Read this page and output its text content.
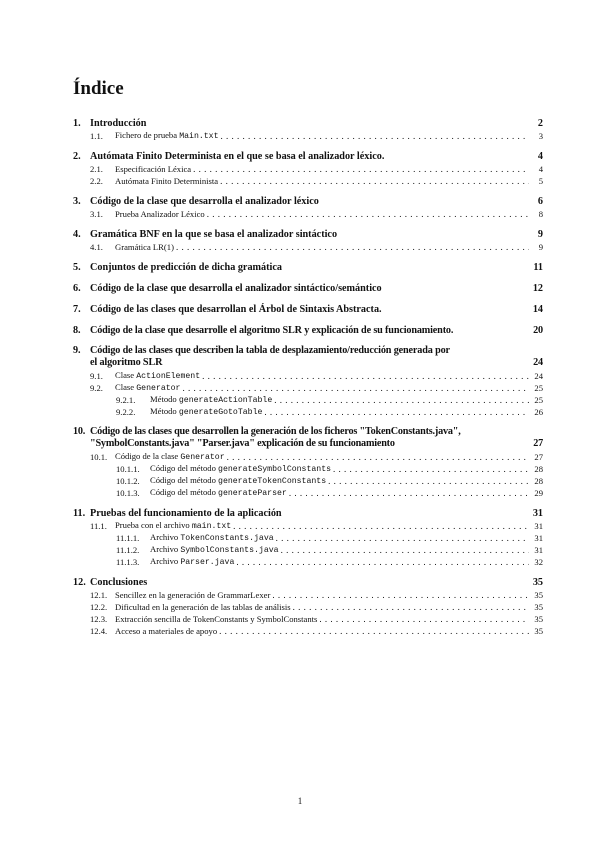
Índice
1. Introducción	2
1.1.	Fichero de prueba Main.txt . . .	3
2. Autómata Finito Determinista en el que se basa el analizador léxico.	4
2.1.	Especificación Léxica . . .	4
2.2.	Autómata Finito Determinista . . .	5
3. Código de la clase que desarrolla el analizador léxico	6
3.1.	Prueba Analizador Léxico . . .	8
4. Gramática BNF en la que se basa el analizador sintáctico	9
4.1.	Gramática LR(1) . . .	9
5. Conjuntos de predicción de dicha gramática	11
6. Código de la clase que desarrolla el analizador sintáctico/semántico	12
7. Código de las clases que desarrollan el Árbol de Sintaxis Abstracta.	14
8. Código de la clase que desarrolle el algoritmo SLR y explicación de su funcionamiento.	20
9. Código de las clases que describen la tabla de desplazamiento/reducción generada por
el algoritmo SLR	24
9.1.	Clase ActionElement . . .	24
9.2.	Clase Generator . . .	25
9.2.1.	Método generateActionTable . . .	25
9.2.2.	Método generateGotoTable . . .	26
10. Código de las clases que desarrollen la generación de los ficheros "TokenConstants.java",
"SymbolConstants.java" "Parser.java" explicación de su funcionamiento	27
10.1. Código de la clase Generator . . .	27
10.1.1.	Código del método generateSymbolConstants . . .	28
10.1.2.	Código del método generateTokenConstants . . .	28
10.1.3.	Código del método generateParser . . .	29
11. Pruebas del funcionamiento de la aplicación	31
11.1. Prueba con el archivo main.txt . . .	31
11.1.1.	Archivo TokenConstants.java . . .	31
11.1.2.	Archivo SymbolConstants.java . . .	31
11.1.3.	Archivo Parser.java . . .	32
12. Conclusiones	35
12.1. Sencillez en la generación de GrammarLexer . . .	35
12.2. Dificultad en la generación de las tablas de análisis . . .	35
12.3. Extracción sencilla de TokenConstants y SymbolConstants . . .	35
12.4. Acceso a materiales de apoyo . . .	35
1
